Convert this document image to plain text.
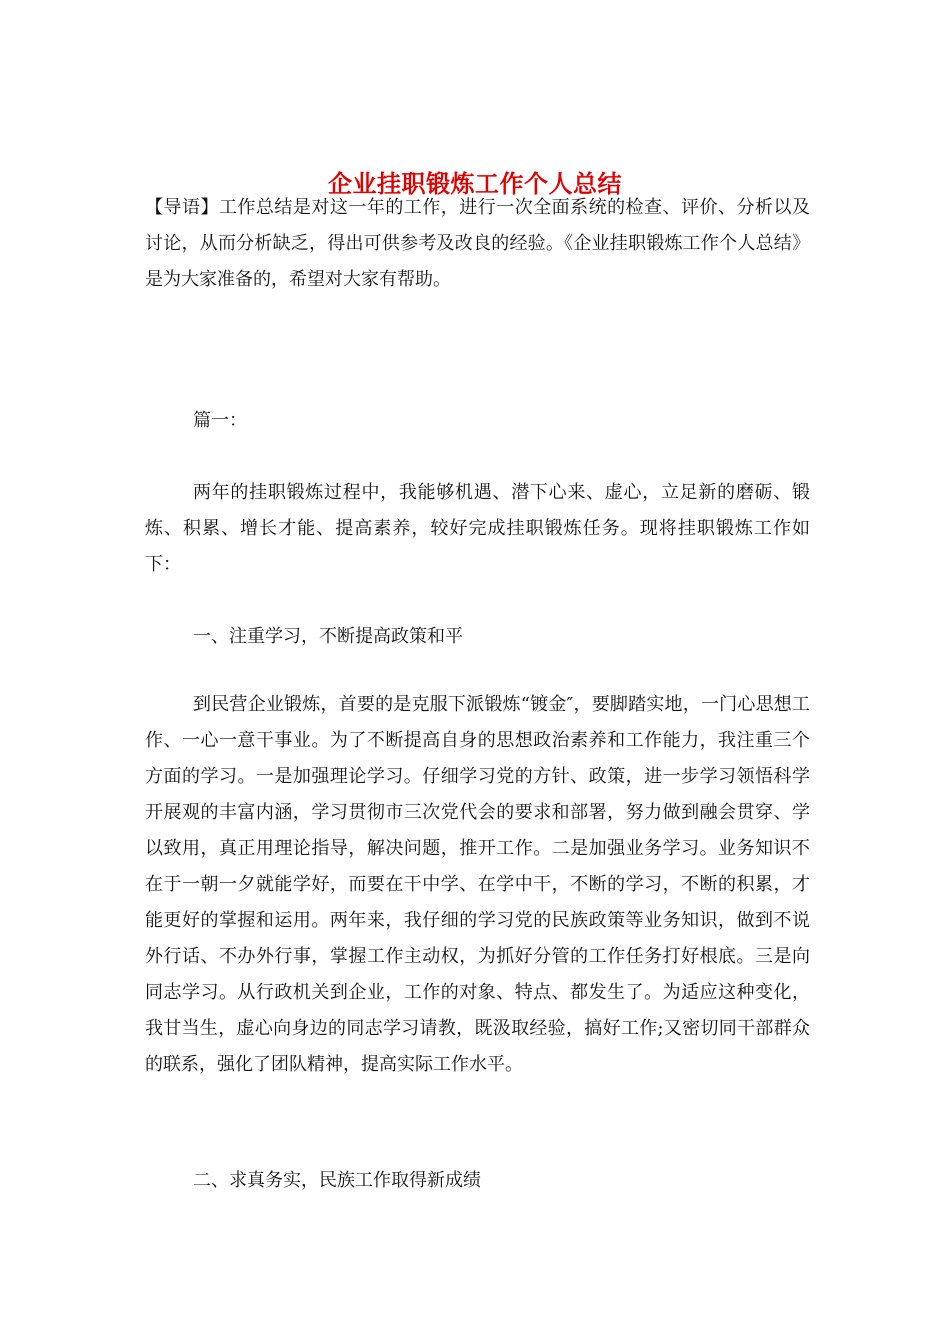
企业挂职锻炼工作个人总结

【导语】工作总结是对这一年的工作，进行一次全面系统的检查、评价、分析以及讨论，从而分析缺乏，得出可供参考及改良的经验。《企业挂职锻炼工作个人总结》是为大家准备的，希望对大家有帮助。

篇一：

两年的挂职锻炼过程中，我能够机遇、潜下心来、虚心，立足新的磨砺、锻炼、积累、增长才能、提高素养，较好完成挂职锻炼任务。现将挂职锻炼工作如下：

一、注重学习，不断提高政策和平

到民营企业锻炼，首要的是克服下派锻炼“镀金″，要脚踏实地，一门心思想工作、一心一意干事业。为了不断提高自身的思想政治素养和工作能力，我注重三个方面的学习。一是加强理论学习。仔细学习党的方针、政策，进一步学习领悟科学开展观的丰富内涵，学习贯彻市三次党代会的要求和部署，努力做到融会贯穿、学以致用，真正用理论指导，解决问题，推开工作。二是加强业务学习。业务知识不在于一朝一夕就能学好，而要在干中学、在学中干，不断的学习，不断的积累，才能更好的掌握和运用。两年来，我仔细的学习党的民族政策等业务知识，做到不说外行话、不办外行事，掌握工作主动权，为抓好分管的工作任务打好根底。三是向同志学习。从行政机关到企业，工作的对象、特点、都发生了。为适应这种变化，我甘当生，虚心向身边的同志学习请教，既汲取经验，搞好工作;又密切同干部群众的联系，强化了团队精神，提高实际工作水平。

二、求真务实，民族工作取得新成绩
